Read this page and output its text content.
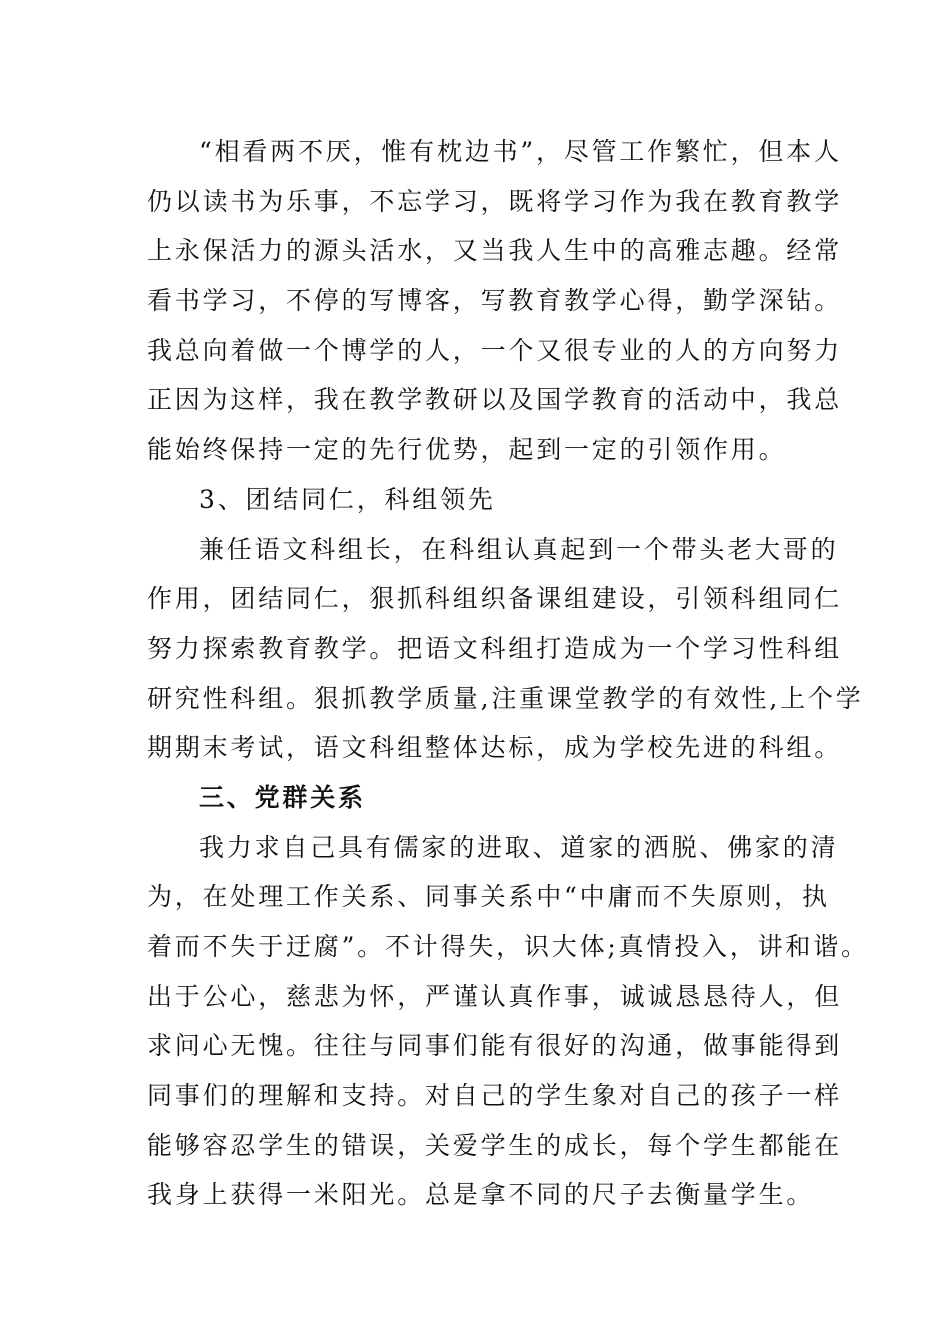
“相看两不厌，惟有枕边书”，尽管工作繁忙，但本人
仍以读书为乐事，不忘学习，既将学习作为我在教育教学
上永保活力的源头活水，又当我人生中的高雅志趣。经常
看书学习，不停的写博客，写教育教学心得，勤学深钻。
我总向着做一个博学的人，一个又很专业的人的方向努力
正因为这样，我在教学教研以及国学教育的活动中，我总
能始终保持一定的先行优势，起到一定的引领作用。
3、团结同仁，科组领先
兼任语文科组长，在科组认真起到一个带头老大哥的
作用，团结同仁，狠抓科组织备课组建设，引领科组同仁
努力探索教育教学。把语文科组打造成为一个学习性科组
研究性科组。狠抓教学质量,注重课堂教学的有效性,上个学
期期末考试，语文科组整体达标，成为学校先进的科组。
三、党群关系
我力求自己具有儒家的进取、道家的洒脱、佛家的清
为，在处理工作关系、同事关系中“中庸而不失原则，执
着而不失于迂腐”。不计得失，识大体;真情投入，讲和谐。
出于公心，慈悲为怀，严谨认真作事，诚诚恳恳待人，但
求问心无愧。往往与同事们能有很好的沟通，做事能得到
同事们的理解和支持。对自己的学生象对自己的孩子一样
能够容忍学生的错误，关爱学生的成长，每个学生都能在
我身上获得一米阳光。总是拿不同的尺子去衡量学生。
